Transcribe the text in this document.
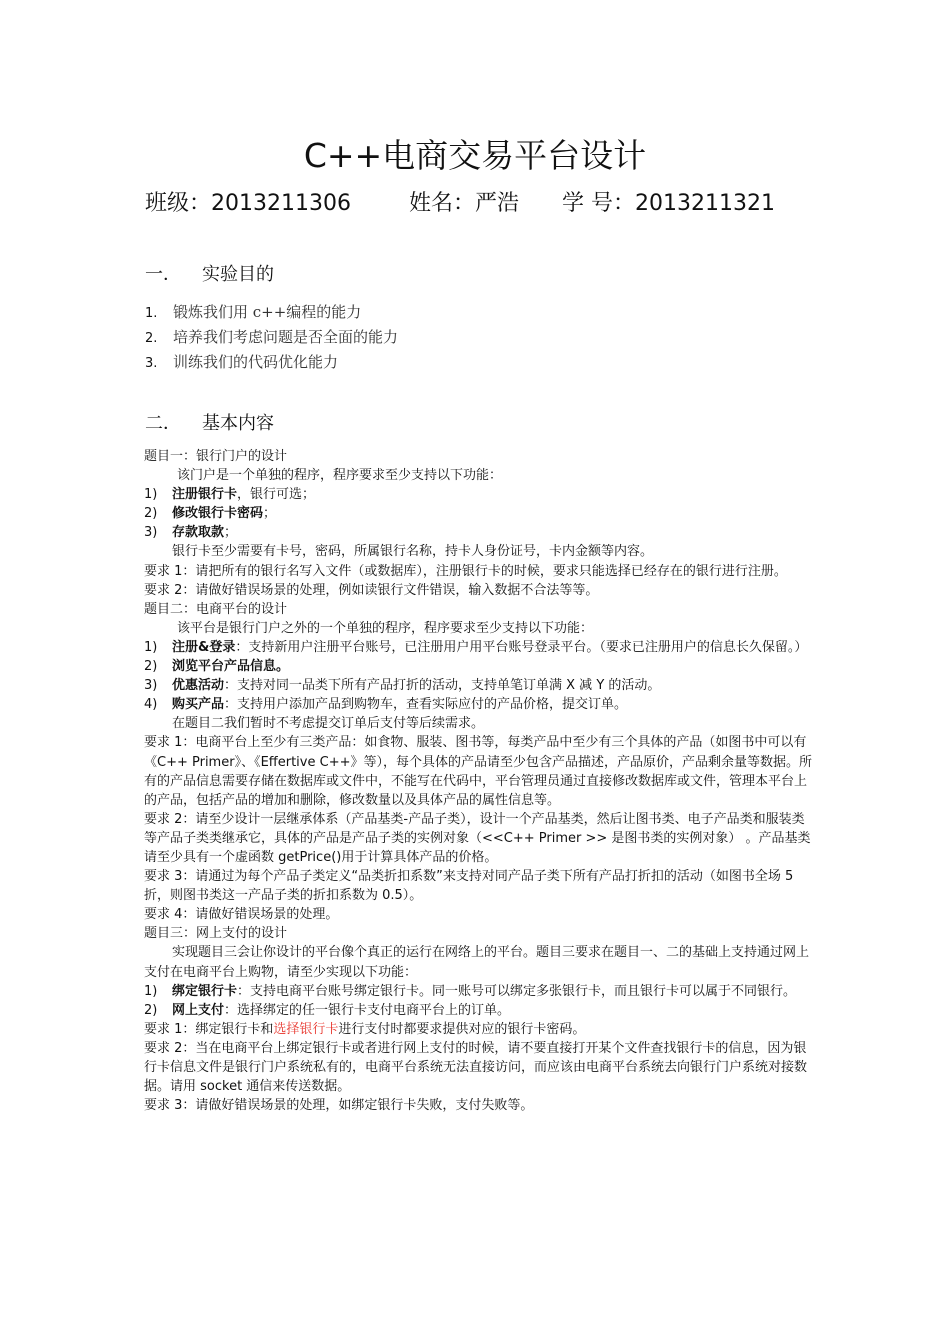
C++电商交易平台设计
班级：2013211306	姓名：严浩 学 号：2013211321
一． 实验目的
1. 锻炼我们用 c++编程的能力
2. 培养我们考虑问题是否全面的能力
3. 训练我们的代码优化能力
二． 基本内容

题目一：银行门户的设计

该门户是一个单独的程序，程序要求至少支持以下功能：

1) 注册银行卡，银行可选；

2) 修改银行卡密码；

3) 存款取款；

银行卡至少需要有卡号，密码，所属银行名称，持卡人身份证号，卡内金额等内容。

要求 1：请把所有的银行名写入文件（或数据库），注册银行卡的时候，要求只能选择已经存在的银行进行注册。

要求 2：请做好错误场景的处理，例如读银行文件错误，输入数据不合法等等。

题目二：电商平台的设计

该平台是银行门户之外的一个单独的程序，程序要求至少支持以下功能：

1) 注册&登录：支持新用户注册平台账号，已注册用户用平台账号登录平台。（要求已注册用户的信息长久保留。）

2) 浏览平台产品信息。

3) 优惠活动：支持对同一品类下所有产品打折的活动，支持单笔订单满 X 减 Y 的活动。

4) 购买产品：支持用户添加产品到购物车，查看实际应付的产品价格，提交订单。

在题目二我们暂时不考虑提交订单后支付等后续需求。

要求 1：电商平台上至少有三类产品：如食物、服装、图书等，每类产品中至少有三个具体的产品（如图书中可以有《C++ Primer》、《Effertive C++》等），每个具体的产品请至少包含产品描述，产品原价，产品剩余量等数据。所有的产品信息需要存储在数据库或文件中，不能写在代码中，平台管理员通过直接修改数据库或文件，管理本平台上的产品，包括产品的增加和删除，修改数量以及具体产品的属性信息等。

要求 2：请至少设计一层继承体系（产品基类-产品子类），设计一个产品基类，然后让图书类、电子产品类和服装类等产品子类类继承它，具体的产品是产品子类的实例对象（<<C++ Primer >> 是图书类的实例对象） 。产品基类请至少具有一个虚函数 getPrice()用于计算具体产品的价格。

要求 3：请通过为每个产品子类定义“品类折扣系数”来支持对同产品子类下所有产品打折扣的活动（如图书全场 5 折，则图书类这一产品子类的折扣系数为 0.5）。

要求 4：请做好错误场景的处理。

题目三：网上支付的设计

实现题目三会让你设计的平台像个真正的运行在网络上的平台。题目三要求在题目一、二的基础上支持通过网上支付在电商平台上购物，请至少实现以下功能：

1) 绑定银行卡：支持电商平台账号绑定银行卡。同一账号可以绑定多张银行卡，而且银行卡可以属于不同银行。

2) 网上支付：选择绑定的任一银行卡支付电商平台上的订单。

要求 1：绑定银行卡和选择银行卡进行支付时都要求提供对应的银行卡密码。

要求 2：当在电商平台上绑定银行卡或者进行网上支付的时候，请不要直接打开某个文件查找银行卡的信息，因为银行卡信息文件是银行门户系统私有的，电商平台系统无法直接访问，而应该由电商平台系统去向银行门户系统对接数据。请用 socket 通信来传送数据。

要求 3：请做好错误场景的处理，如绑定银行卡失败，支付失败等。
